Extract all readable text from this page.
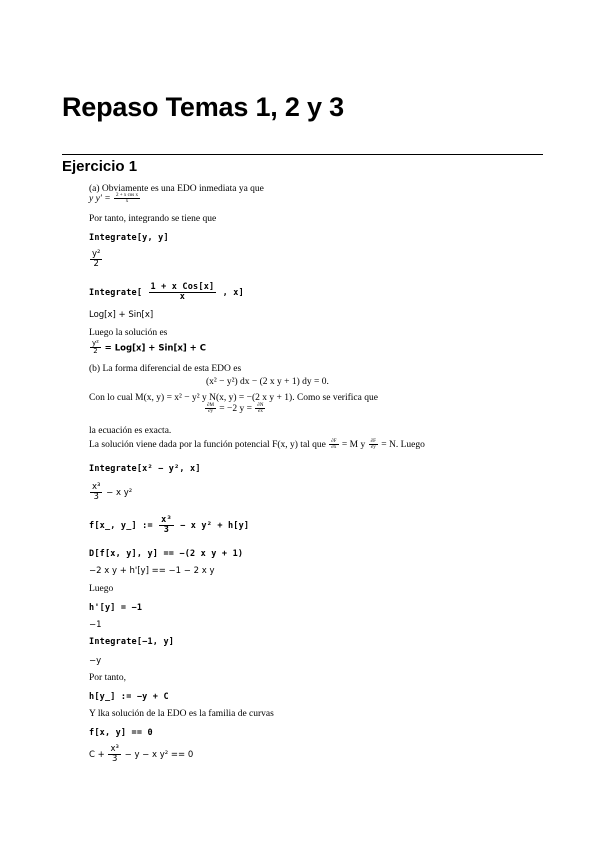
Repaso Temas 1, 2 y 3
Ejercicio 1
(a) Obviamente es una EDO inmediata ya que
y $y' = \frac{\text{2 + x cos x}}{x}$
Por tanto, integrando se tiene que
Integrate[y, y]
$\frac{\text{y²}}{2}$
Integrate[ $\frac{\text{1 + x Cos[x]}}{x}$ , x]
Log[x] + Sin[x]
Luego la solución es
$\frac{\text{y²}}{2} = Log[x] + Sin[x] + C$
(b) La forma diferencial de esta EDO es
(x² − y²) dx − (2 x y + 1) dy = 0.
Con lo cual M(x, y) = x² − y² y N(x, y) = −(2 x y + 1). Como se verifica que
$\frac{\partial M}{\partial y} = -2$ $y = \frac{\partial N}{\partial x}$
la ecuación es exacta.
La solución viene dada por la función potencial F(x, y) tal que $\frac{\partial F}{\partial x} = M$ y $\frac{\partial F}{\partial y} = N$. Luego
Integrate[x² − y², x]
$\frac{\text{x³}}{3} - x$ y²
f[x_, y_] := $\frac{\text{x³}}{3} - x$ y² + h[y]
D[f[x, y], y] == −(2 x y + 1)
−2 x y + h'[y] == −1 − 2 x y
Luego
h'[y] = −1
−1
Integrate[−1, y]
−y
Por tanto,
h[y_] := −y + C
Y lka solución de la EDO es la familia de curvas
f[x, y] == 0
$C + \frac{\text{x³}}{3} - y - x$ y² == 0
